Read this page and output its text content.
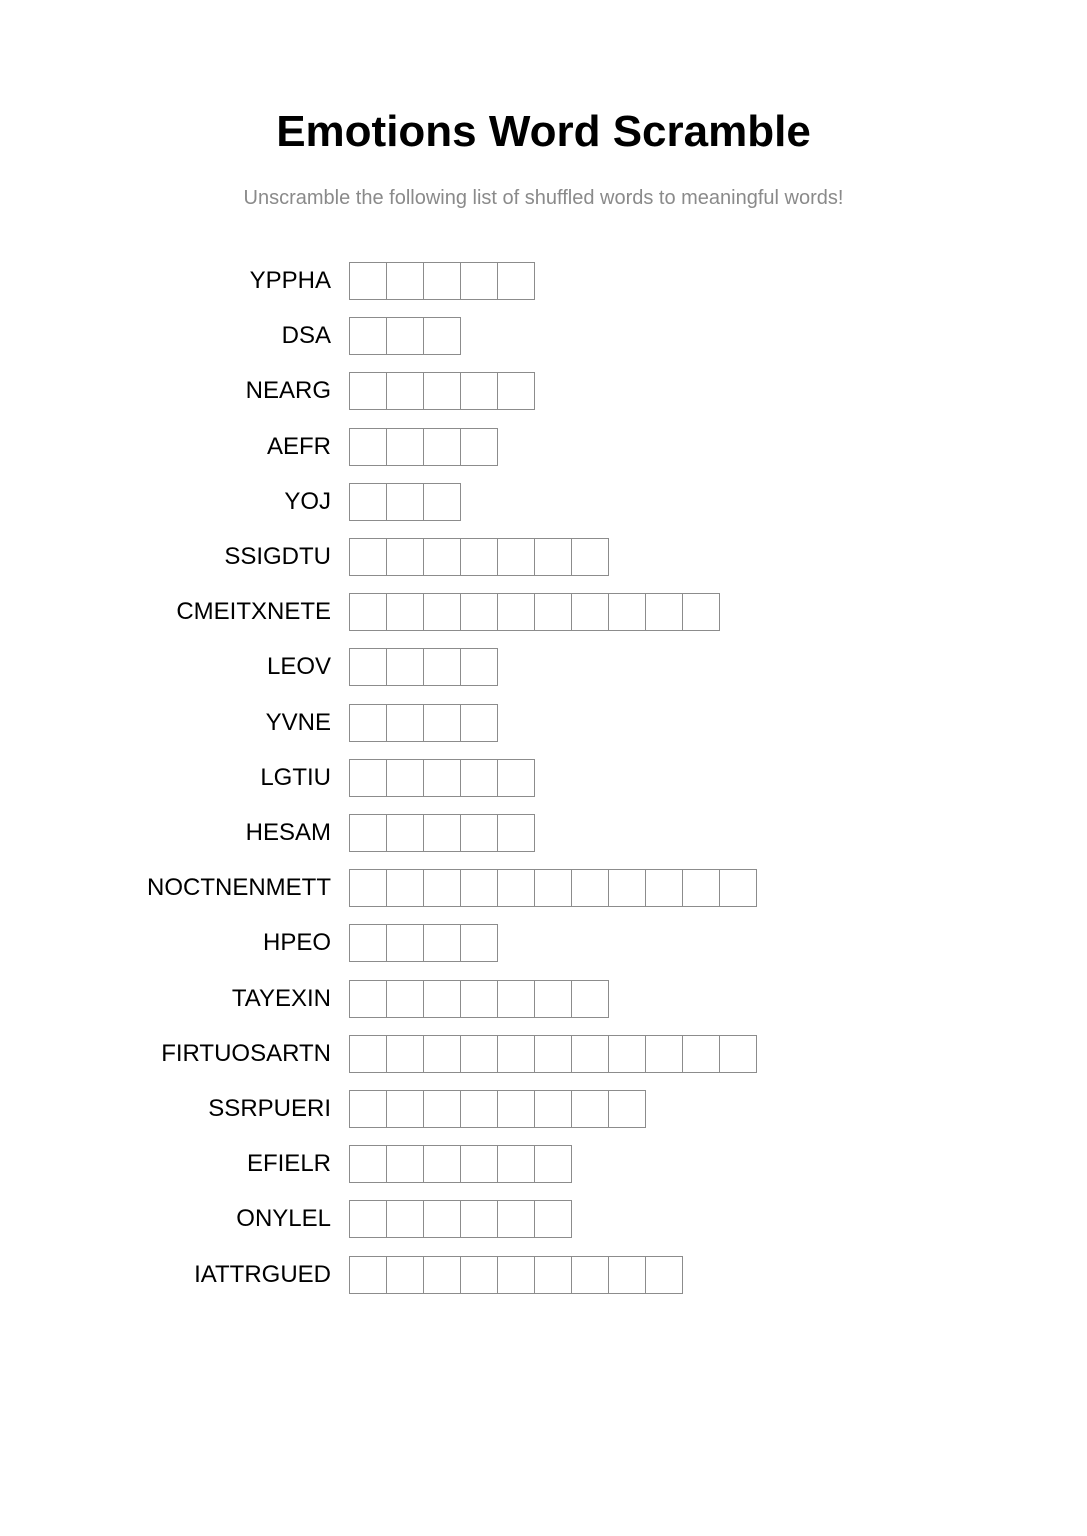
Emotions Word Scramble
Unscramble the following list of shuffled words to meaningful words!
YPPHA
DSA
NEARG
AEFR
YOJ
SSIGDTU
CMEITXNETE
LEOV
YVNE
LGTIU
HESAM
NOCTNENMETT
HPEO
TAYEXIN
FIRTUOSARTN
SSRPUERI
EFIELR
ONYLEL
IATTRGUED
